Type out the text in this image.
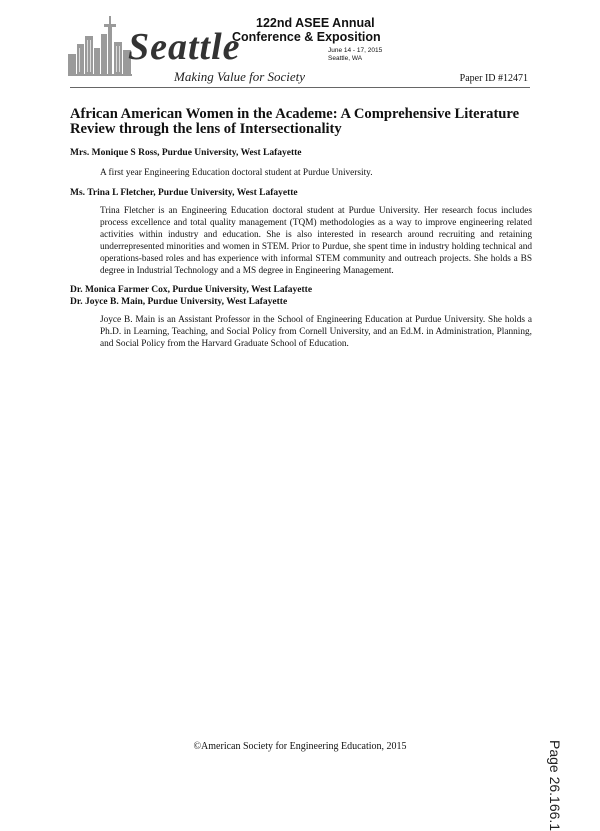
Seattle
Making Value for Society
122nd ASEE Annual
Conference & Exposition
June 14 - 17, 2015
Seattle, WA
Paper ID #12471
African American Women in the Academe: A Comprehensive Literature Review through the lens of Intersectionality

Mrs. Monique S Ross, Purdue University, West Lafayette

A first year Engineering Education doctoral student at Purdue University.

Ms. Trina L Fletcher, Purdue University, West Lafayette

Trina Fletcher is an Engineering Education doctoral student at Purdue University. Her research focus includes process excellence and total quality management (TQM) methodologies as a way to improve engineering related activities within industry and education. She is also interested in research around recruiting and retaining underrepresented minorities and women in STEM. Prior to Purdue, she spent time in industry holding technical and operations-based roles and has experience with informal STEM community and outreach projects. She holds a BS degree in Industrial Technology and a MS degree in Engineering Management.

Dr. Monica Farmer Cox, Purdue University, West Lafayette

Dr. Joyce B. Main, Purdue University, West Lafayette

Joyce B. Main is an Assistant Professor in the School of Engineering Education at Purdue University. She holds a Ph.D. in Learning, Teaching, and Social Policy from Cornell University, and an Ed.M. in Administration, Planning, and Social Policy from the Harvard Graduate School of Education.

Page 26.166.1
©American Society for Engineering Education, 2015
